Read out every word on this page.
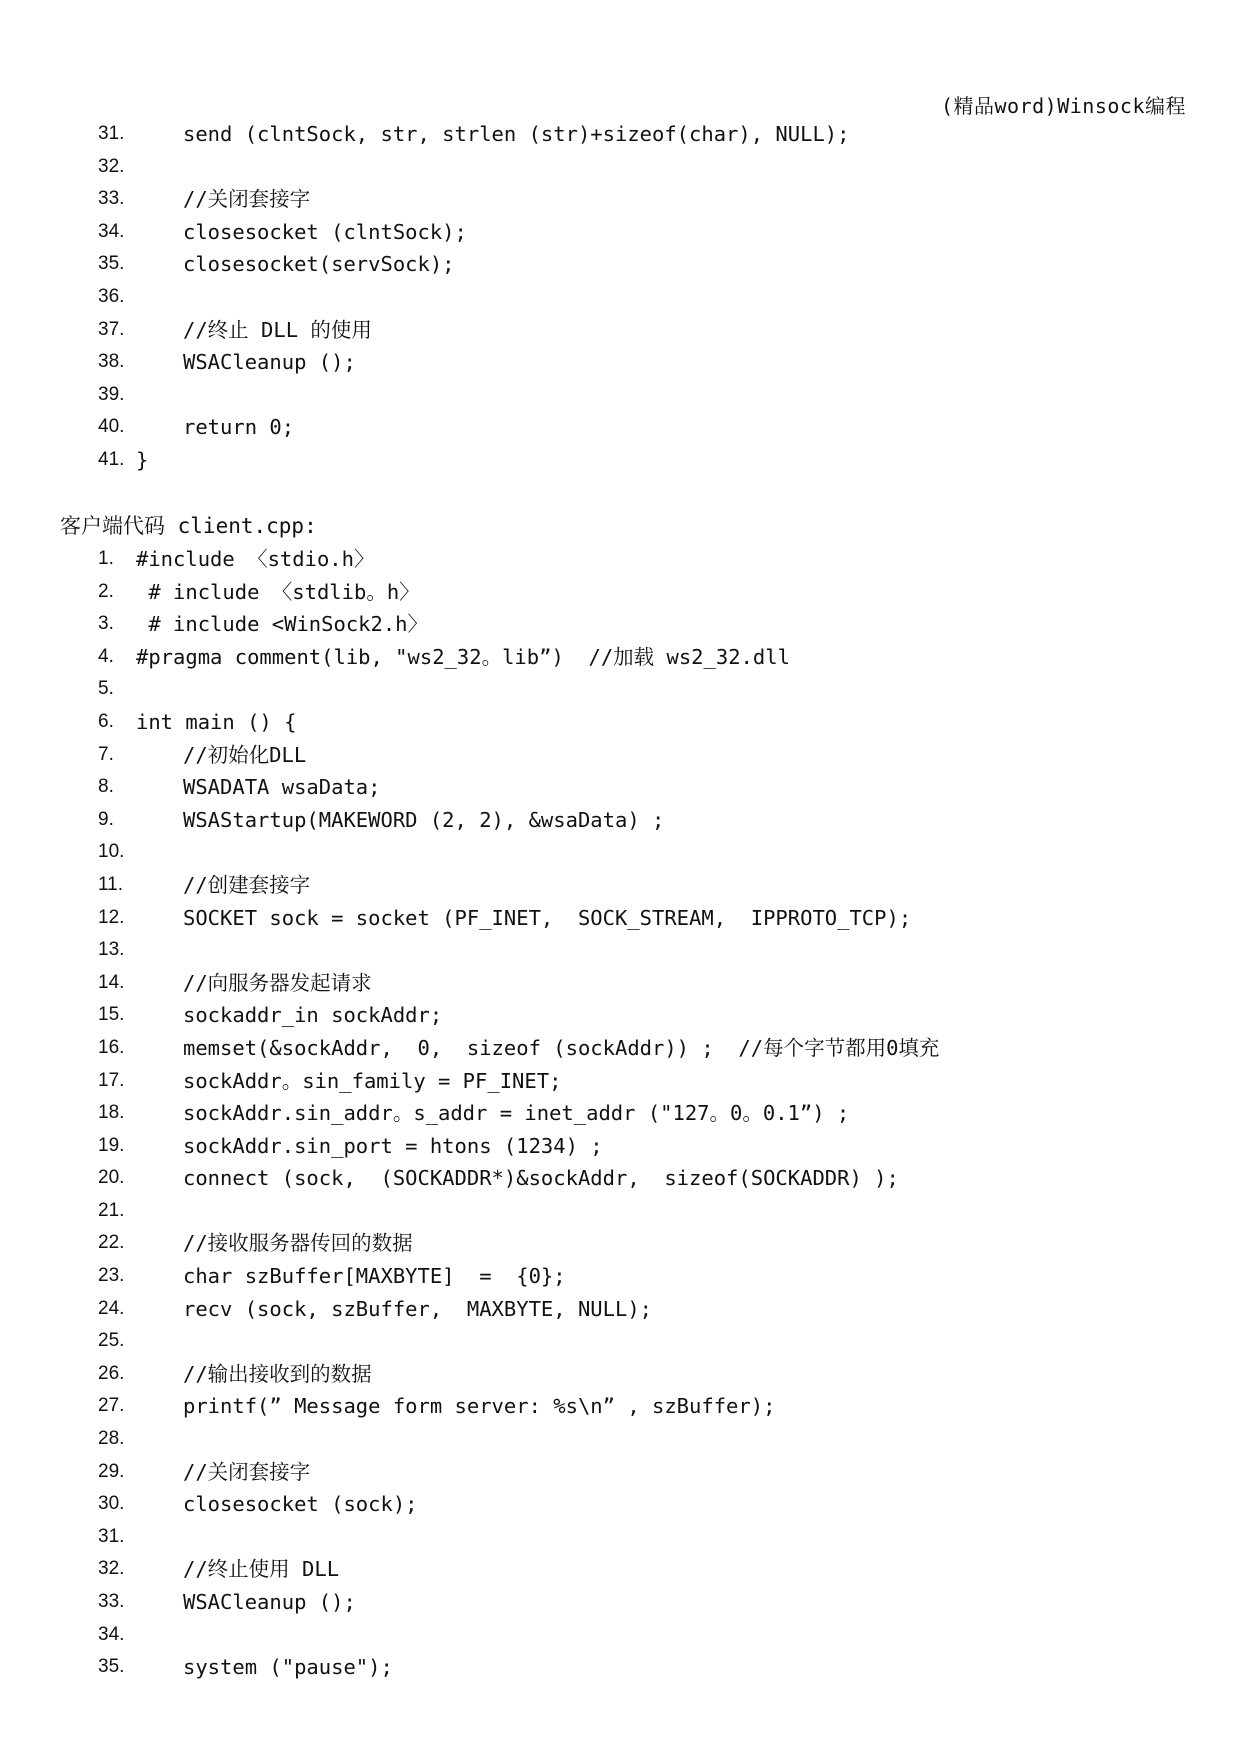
(精品word)Winsock编程
31.	send (clntSock, str, strlen (str)+sizeof(char), NULL);
32.
33.	//关闭套接字
34.	closesocket (clntSock);
35.	closesocket(servSock);
36.
37.	//终止 DLL 的使用
38.	WSACleanup ();
39.
40.	return 0;
41. }
客户端代码 client.cpp:
1. #include 〈stdio.h〉
2. # include 〈stdlib。h〉
3. # include <WinSock2.h〉
4. #pragma comment(lib, "ws2_32。lib”)  //加载 ws2_32.dll
5.
6. int main () {
7.	//初始化DLL
8.	WSADATA wsaData;
9.	WSAStartup(MAKEWORD (2, 2), &wsaData) ;
10.
11.	//创建套接字
12.	SOCKET sock = socket (PF_INET,  SOCK_STREAM,  IPPROTO_TCP);
13.
14.	//向服务器发起请求
15.	sockaddr_in sockAddr;
16.	memset(&sockAddr,  0,  sizeof (sockAddr)) ;  //每个字节都用0填充
17.	sockAddr。sin_family = PF_INET;
18.	sockAddr.sin_addr。s_addr = inet_addr ("127。0。0.1”) ;
19.	sockAddr.sin_port = htons (1234) ;
20.	connect (sock,  (SOCKADDR*)&sockAddr,  sizeof(SOCKADDR) );
21.
22.	//接收服务器传回的数据
23.	char szBuffer[MAXBYTE]  =  {0};
24.	recv (sock, szBuffer,  MAXBYTE, NULL);
25.
26.	//输出接收到的数据
27.	printf(” Message form server: %s\n” , szBuffer);
28.
29.	//关闭套接字
30.	closesocket (sock);
31.
32.	//终止使用 DLL
33.	WSACleanup ();
34.
35.	system ("pause");
